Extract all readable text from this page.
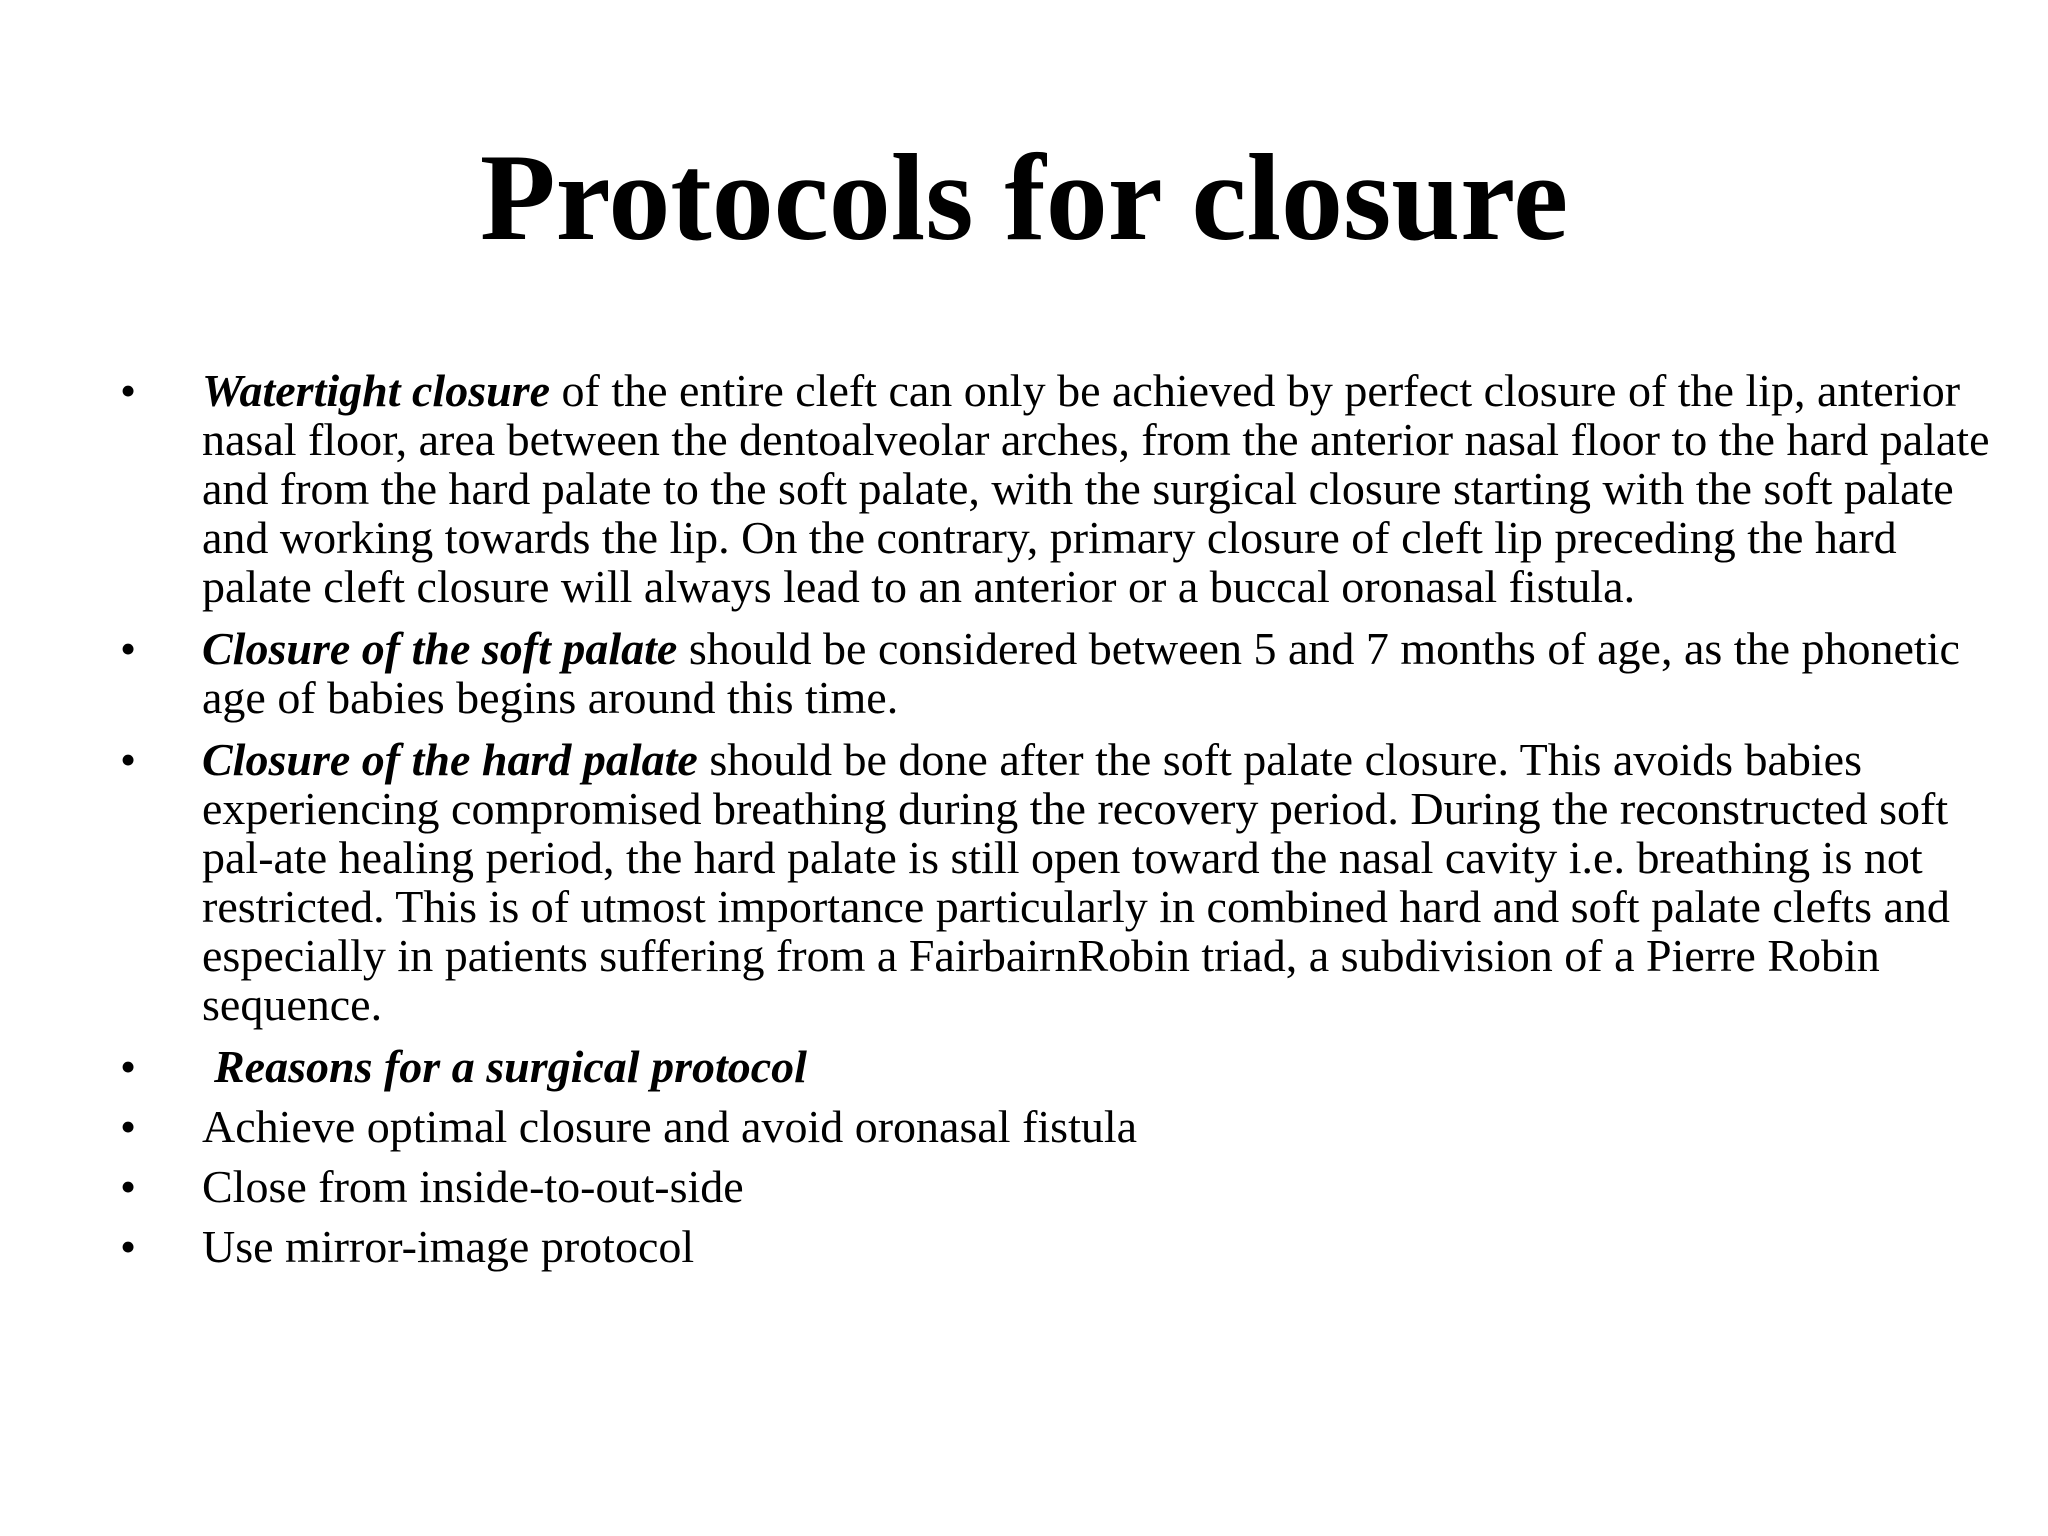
Protocols for closure
•	Watertight closure of the entire cleft can only be achieved by perfect closure of the lip, anterior nasal floor, area between the dentoalveolar arches, from the anterior nasal floor to the hard palate and from the hard palate to the soft palate, with the surgical closure starting with the soft palate and working towards the lip. On the contrary, primary closure of cleft lip preceding the hard palate cleft closure will always lead to an anterior or a buccal oronasal fistula.
•	Closure of the soft palate should be considered between 5 and 7 months of age, as the phonetic age of babies begins around this time.
•	Closure of the hard palate should be done after the soft palate closure. This avoids babies experiencing compromised breathing during the recovery period. During the reconstructed soft pal-ate healing period, the hard palate is still open toward the nasal cavity i.e. breathing is not restricted. This is of utmost importance particularly in combined hard and soft palate clefts and especially in patients suffering from a FairbairnRobin triad, a subdivision of a Pierre Robin sequence.
•	Reasons for a surgical protocol
•	Achieve optimal closure and avoid oronasal fistula
•	Close from inside-to-out-side
•	Use mirror-image protocol
